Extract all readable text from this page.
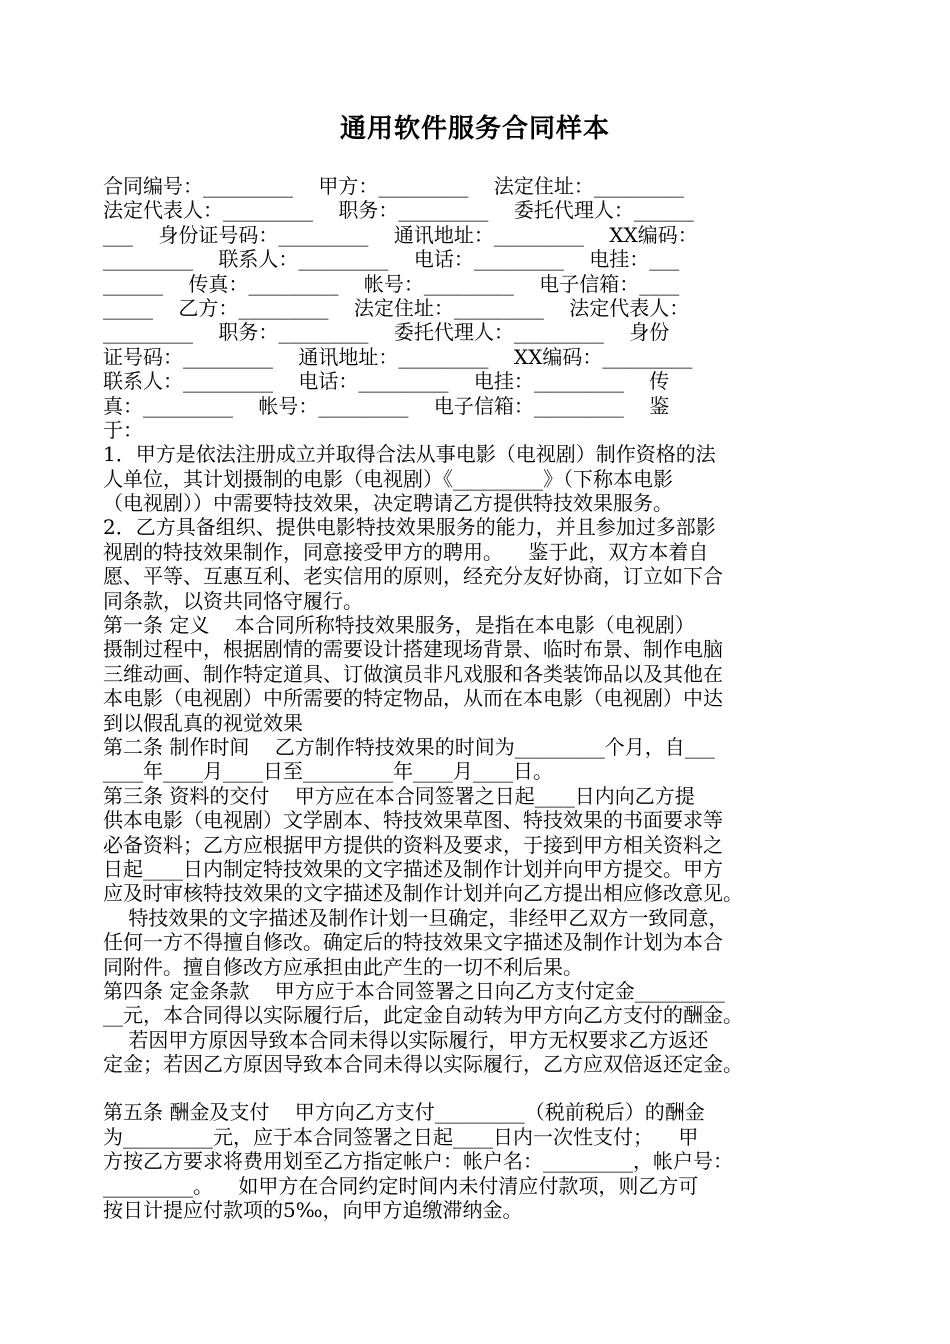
通用软件服务合同样本
合同编号：_________    甲方：_________    法定住址：_________
法定代表人：_________    职务：_________    委托代理人：______
___    身份证号码：_________    通讯地址：_________    XX编码：
_________    联系人：_________    电话：_________    电挂：___
______    传真：_________    帐号：_________    电子信箱：____
_____    乙方：_________    法定住址：_________    法定代表人：
_________    职务：_________    委托代理人：_________    身份
证号码：_________    通讯地址：_________    XX编码：_________
联系人：_________    电话：_________    电挂：_________    传
真：_________    帐号：_________    电子信箱：_________    鉴
于：
1．甲方是依法注册成立并取得合法从事电影（电视剧）制作资格的法
人单位，其计划摄制的电影（电视剧）《_________》（下称本电影
（电视剧））中需要特技效果，决定聘请乙方提供特技效果服务。
2．乙方具备组织、提供电影特技效果服务的能力，并且参加过多部影
视剧的特技效果制作，同意接受甲方的聘用。    鉴于此，双方本着自
愿、平等、互惠互利、老实信用的原则，经充分友好协商，订立如下合
同条款，以资共同恪守履行。
第一条 定义    本合同所称特技效果服务，是指在本电影（电视剧）
摄制过程中，根据剧情的需要设计搭建现场背景、临时布景、制作电脑
三维动画、制作特定道具、订做演员非凡戏服和各类装饰品以及其他在
本电影（电视剧）中所需要的特定物品，从而在本电影（电视剧）中达
到以假乱真的视觉效果
第二条 制作时间    乙方制作特技效果的时间为_________个月，自___
____年____月____日至_________年____月____日。
第三条 资料的交付    甲方应在本合同签署之日起____日内向乙方提
供本电影（电视剧）文学剧本、特技效果草图、特技效果的书面要求等
必备资料；乙方应根据甲方提供的资料及要求，于接到甲方相关资料之
日起____日内制定特技效果的文字描述及制作计划并向甲方提交。甲方
应及时审核特技效果的文字描述及制作计划并向乙方提出相应修改意见。
特技效果的文字描述及制作计划一旦确定，非经甲乙双方一致同意，
任何一方不得擅自修改。确定后的特技效果文字描述及制作计划为本合
同附件。擅自修改方应承担由此产生的一切不利后果。
第四条 定金条款    甲方应于本合同签署之日向乙方支付定金_________
__元，本合同得以实际履行后，此定金自动转为甲方向乙方支付的酬金。
若因甲方原因导致本合同未得以实际履行，甲方无权要求乙方返还
定金；若因乙方原因导致本合同未得以实际履行，乙方应双倍返还定金。
第五条 酬金及支付    甲方向乙方支付_________（税前税后）的酬金
为_________元，应于本合同签署之日起____日内一次性支付；    甲
方按乙方要求将费用划至乙方指定帐户：帐户名：_________，帐户号：
_________。    如甲方在合同约定时间内未付清应付款项，则乙方可
按日计提应付款项的5‰，向甲方追缴滞纳金。
